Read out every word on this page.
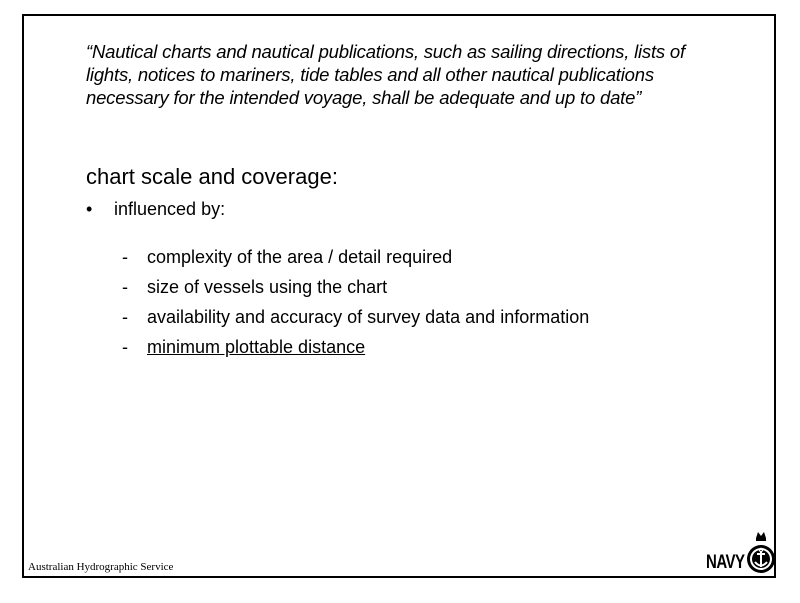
“Nautical charts and nautical publications, such as sailing directions, lists of lights, notices to mariners, tide tables and all other nautical publications necessary for the intended voyage, shall be adequate and up to date”
chart scale and coverage:
• influenced by:
- complexity of the area / detail required
- size of vessels using the chart
- availability and accuracy of survey data and information
- minimum plottable distance
Australian Hydrographic Service	NAVY
